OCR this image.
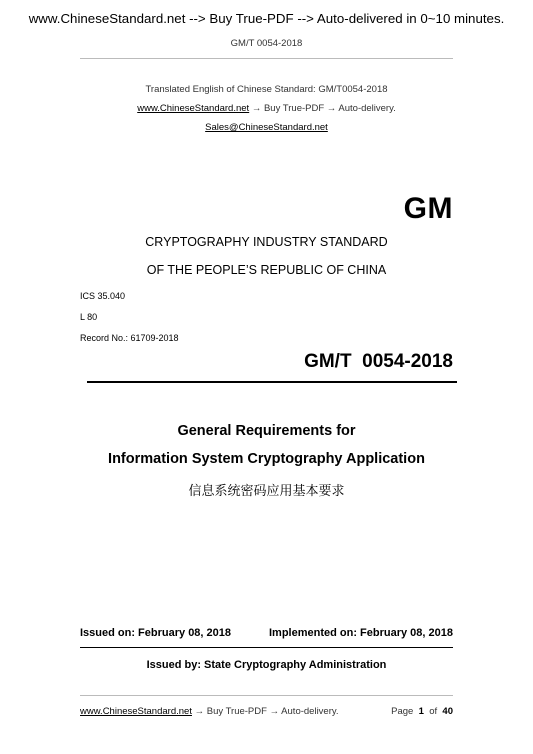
www.ChineseStandard.net --> Buy True-PDF --> Auto-delivered in 0~10 minutes.
GM/T 0054-2018
Translated English of Chinese Standard: GM/T0054-2018
www.ChineseStandard.net → Buy True-PDF → Auto-delivery.
Sales@ChineseStandard.net
GM
CRYPTOGRAPHY INDUSTRY STANDARD
OF THE PEOPLE’S REPUBLIC OF CHINA
ICS 35.040
L 80
Record No.: 61709-2018
GM/T  0054-2018
General Requirements for
Information System Cryptography Application
信息系统密码应用基本要求
Issued on: February 08, 2018	Implemented on: February 08, 2018
Issued by: State Cryptography Administration
www.ChineseStandard.net → Buy True-PDF → Auto-delivery.	Page 1 of 40
